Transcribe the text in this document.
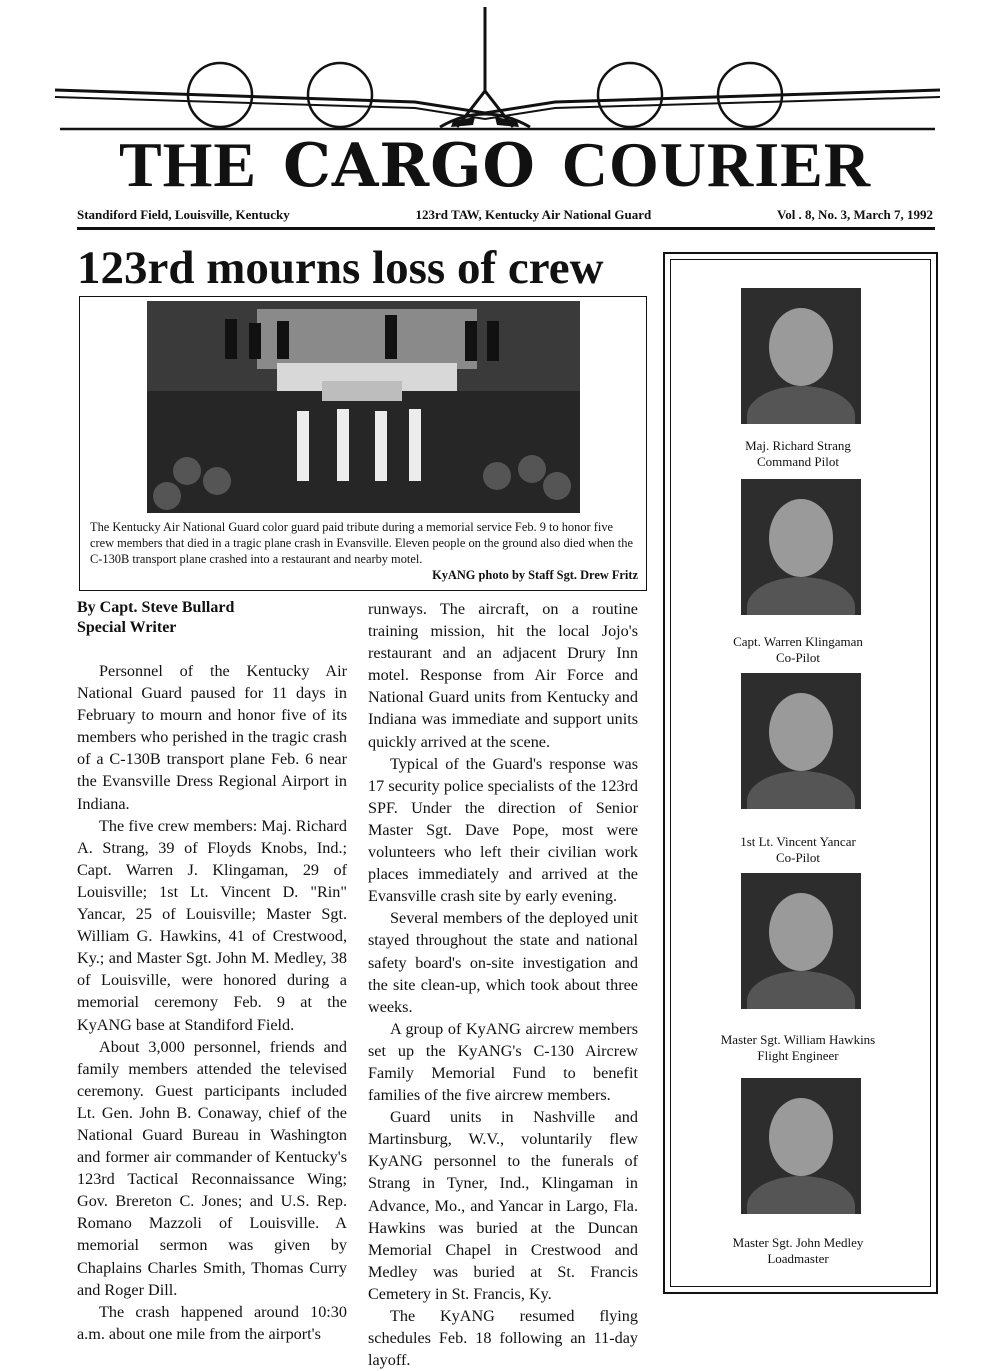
THE CARGO COURIER
Standiford Field, Louisville, Kentucky	123rd TAW, Kentucky Air National Guard	Vol . 8, No. 3, March 7, 1992
123rd mourns loss of crew
The Kentucky Air National Guard color guard paid tribute during a memorial service Feb. 9 to honor five crew members that died in a tragic plane crash in Evansville. Eleven people on the ground also died when the C-130B transport plane crashed into a restaurant and nearby motel.
KyANG photo by Staff Sgt. Drew Fritz
By Capt. Steve Bullard
Special Writer

Personnel of the Kentucky Air National Guard paused for 11 days in February to mourn and honor five of its members who perished in the tragic crash of a C-130B transport plane Feb. 6 near the Evansville Dress Regional Airport in Indiana.

The five crew members: Maj. Richard A. Strang, 39 of Floyds Knobs, Ind.; Capt. Warren J. Klingaman, 29 of Louisville; 1st Lt. Vincent D. "Rin" Yancar, 25 of Louisville; Master Sgt. William G. Hawkins, 41 of Crestwood, Ky.; and Master Sgt. John M. Medley, 38 of Louisville, were honored during a memorial ceremony Feb. 9 at the KyANG base at Standiford Field.

About 3,000 personnel, friends and family members attended the televised ceremony. Guest participants included Lt. Gen. John B. Conaway, chief of the National Guard Bureau in Washington and former air commander of Kentucky's 123rd Tactical Reconnaissance Wing; Gov. Brereton C. Jones; and U.S. Rep. Romano Mazzoli of Louisville. A memorial sermon was given by Chaplains Charles Smith, Thomas Curry and Roger Dill.

The crash happened around 10:30 a.m. about one mile from the airport's

runways. The aircraft, on a routine training mission, hit the local Jojo's restaurant and an adjacent Drury Inn motel. Response from Air Force and National Guard units from Kentucky and Indiana was immediate and support units quickly arrived at the scene.

Typical of the Guard's response was 17 security police specialists of the 123rd SPF. Under the direction of Senior Master Sgt. Dave Pope, most were volunteers who left their civilian work places immediately and arrived at the Evansville crash site by early evening.

Several members of the deployed unit stayed throughout the state and national safety board's on-site investigation and the site clean-up, which took about three weeks.

A group of KyANG aircrew members set up the KyANG's C-130 Aircrew Family Memorial Fund to benefit families of the five aircrew members.

Guard units in Nashville and Martinsburg, W.V., voluntarily flew KyANG personnel to the funerals of Strang in Tyner, Ind., Klingaman in Advance, Mo., and Yancar in Largo, Fla. Hawkins was buried at the Duncan Memorial Chapel in Crestwood and Medley was buried at St. Francis Cemetery in St. Francis, Ky.

The KyANG resumed flying schedules Feb. 18 following an 11-day layoff.

Maj. Richard Strang
Command Pilot
Capt. Warren Klingaman
Co-Pilot
1st Lt. Vincent Yancar
Co-Pilot
Master Sgt. William Hawkins
Flight Engineer
Master Sgt. John Medley
Loadmaster
